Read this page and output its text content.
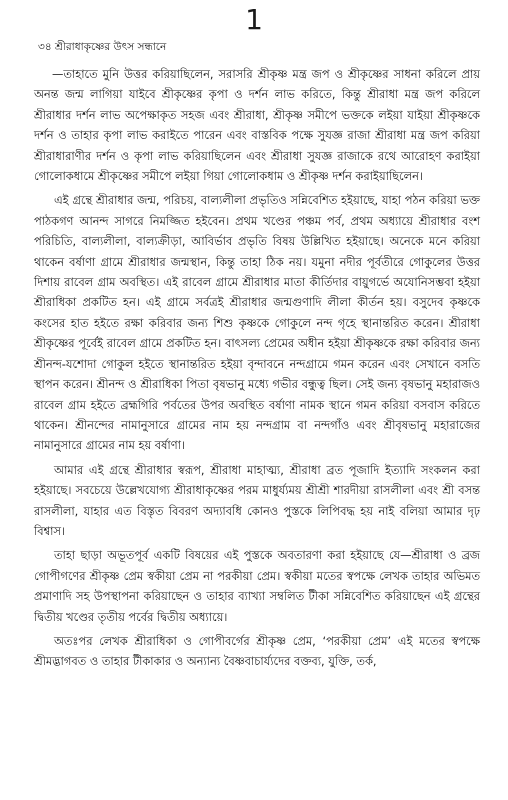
1
৩৪ শ্রীরাধাকৃষ্ণের উৎস সন্ধানে

—তাহাতে মুনি উত্তর করিয়াছিলেন, সরাসরি শ্রীকৃষ্ণ মন্ত্র জপ ও শ্রীকৃষ্ণের সাধনা করিলে প্রায় অনন্ত জন্ম লাগিয়া যাইবে শ্রীকৃষ্ণের কৃপা ও দর্শন লাভ করিতে, কিন্তু শ্রীরাধা মন্ত্র জপ করিলে শ্রীরাধার দর্শন লাভ অপেক্ষাকৃত সহজ এবং শ্রীরাধা, শ্রীকৃষ্ণ সমীপে ভক্তকে লইয়া যাইয়া শ্রীকৃষ্ণকে দর্শন ও তাহার কৃপা লাভ করাইতে পারেন এবং বাস্তবিক পক্ষে সুযজ্ঞ রাজা শ্রীরাধা মন্ত্র জপ করিয়া শ্রীরাধারাণীর দর্শন ও কৃপা লাভ করিয়াছিলেন এবং শ্রীরাধা সুযজ্ঞ রাজাকে রথে আরোহণ করাইয়া গোলোকধামে শ্রীকৃষ্ণের সমীপে লইয়া গিয়া গোলোকধাম ও শ্রীকৃষ্ণ দর্শন করাইয়াছিলেন।

এই গ্রন্থে শ্রীরাধার জন্ম, পরিচয়, বাল্যলীলা প্রভৃতিও সন্নিবেশিত হইয়াছে, যাহা পঠন করিয়া ভক্ত পাঠকগণ আনন্দ সাগরে নিমজ্জিত হইবেন। প্রথম খণ্ডের পঞ্চম পর্ব, প্রথম অধ্যায়ে শ্রীরাধার বংশ পরিচিতি, বাল্যলীলা, বাল্যক্রীড়া, আবির্ভাব প্রভৃতি বিষয় উল্লিখিত হইয়াছে। অনেকে মনে করিয়া থাকেন বর্ষাণা গ্রামে শ্রীরাধার জন্মস্থান, কিন্তু তাহা ঠিক নয়। যমুনা নদীর পূর্বতীরে গোকুলের উত্তর দিশায় রাবেল গ্রাম অবস্থিত। এই রাবেল গ্রামে শ্রীরাধার মাতা কীর্তিদার বায়ুগর্ভে অযোনিসম্ভবা হইয়া শ্রীরাধিকা প্রকটিত হন। এই গ্রামে সর্বত্রই শ্রীরাধার জন্মগুণাদি লীলা কীর্তন হয়। বসুদেব কৃষ্ণকে কংসের হাত হইতে রক্ষা করিবার জন্য শিশু কৃষ্ণকে গোকুলে নন্দ গৃহে স্থানান্তরিত করেন। শ্রীরাধা শ্রীকৃষ্ণের পূর্বেই রাবেল গ্রামে প্রকটিত হন। বাৎসল্য প্রেমের অধীন হইয়া শ্রীকৃষ্ণকে রক্ষা করিবার জন্য শ্রীনন্দ-যশোদা গোকুল হইতে স্থানান্তরিত হইয়া বৃন্দাবনে নন্দগ্রামে গমন করেন এবং সেখানে বসতি স্থাপন করেন। শ্রীনন্দ ও শ্রীরাধিকা পিতা বৃষভানু মধ্যে গভীর বন্ধুত্ব ছিল। সেই জন্য বৃষভানু মহারাজও রাবেল গ্রাম হইতে ব্রহ্মগিরি পর্বতের উপর অবস্থিত বর্ষাণা নামক স্থানে গমন করিয়া বসবাস করিতে থাকেন। শ্রীনন্দের নামানুসারে গ্রামের নাম হয় নন্দগ্রাম বা নন্দগাঁও এবং শ্রীবৃষভানু মহারাজের নামানুসারে গ্রামের নাম হয় বর্ষাণা।

আমার এই গ্রন্থে শ্রীরাধার স্বরূপ, শ্রীরাধা মাহাত্ম্য, শ্রীরাধা ব্রত পূজাদি ইত্যাদি সংকলন করা হইয়াছে। সবচেয়ে উল্লেখযোগ্য শ্রীরাধাকৃষ্ণের পরম মাধুর্য্যময় শ্রীশ্রী শারদীয়া রাসলীলা এবং শ্রী বসন্ত রাসলীলা, যাহার এত বিস্তৃত বিবরণ অদ্যাবধি কোনও পুস্তকে লিপিবদ্ধ হয় নাই বলিয়া আমার দৃঢ় বিশ্বাস।

তাহা ছাড়া অভূতপূর্ব একটি বিষয়ের এই পুস্তকে অবতারণা করা হইয়াছে যে—শ্রীরাধা ও ব্রজ গোপীগণের শ্রীকৃষ্ণ প্রেম স্বকীয়া প্রেম না পরকীয়া প্রেম। স্বকীয়া মতের স্বপক্ষে লেখক তাহার অভিমত প্রমাণাদি সহ উপস্থাপনা করিয়াছেন ও তাহার ব্যাখ্যা সম্বলিত টীকা সন্নিবেশিত করিয়াছেন এই গ্রন্থের দ্বিতীয় খণ্ডের তৃতীয় পর্বের দ্বিতীয় অধ্যায়ে।

অতঃপর লেখক শ্রীরাধিকা ও গোপীবর্গের শ্রীকৃষ্ণ প্রেম, ‘পরকীয়া প্রেম’ এই মতের স্বপক্ষে শ্রীমদ্ভাগবত ও তাহার টীকাকার ও অন্যান্য বৈষ্ণবাচার্য্যদের বক্তব্য, যুক্তি, তর্ক,
